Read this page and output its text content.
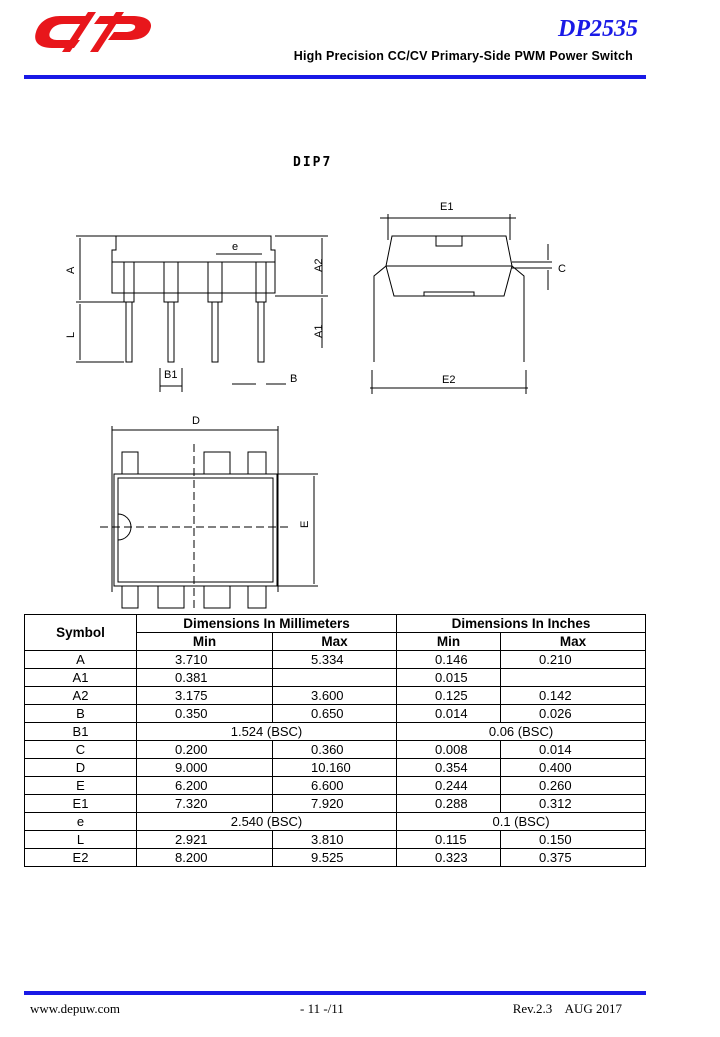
DP2535
High Precision CC/CV Primary-Side PWM Power Switch
DIP7
A
L
e
A2
A1
B1	B
E1
C
E2
D
E
Symbol	Dimensions In Millimeters		Dimensions In Inches	
	Min	Max	Min	Max
A	3.710	5.334	0.146	0.210
A1	0.381		0.015	
A2	3.175	3.600	0.125	0.142
B	0.350	0.650	0.014	0.026
B1	1.524 (BSC)		0.06 (BSC)	
C	0.200	0.360	0.008	0.014
D	9.000	10.160	0.354	0.400
E	6.200	6.600	0.244	0.260
E1	7.320	7.920	0.288	0.312
e	2.540 (BSC)		0.1 (BSC)	
L	2.921	3.810	0.115	0.150
E2	8.200	9.525	0.323	0.375
www.depuw.com	- 11 -/11	Rev.2.3    AUG 2017
